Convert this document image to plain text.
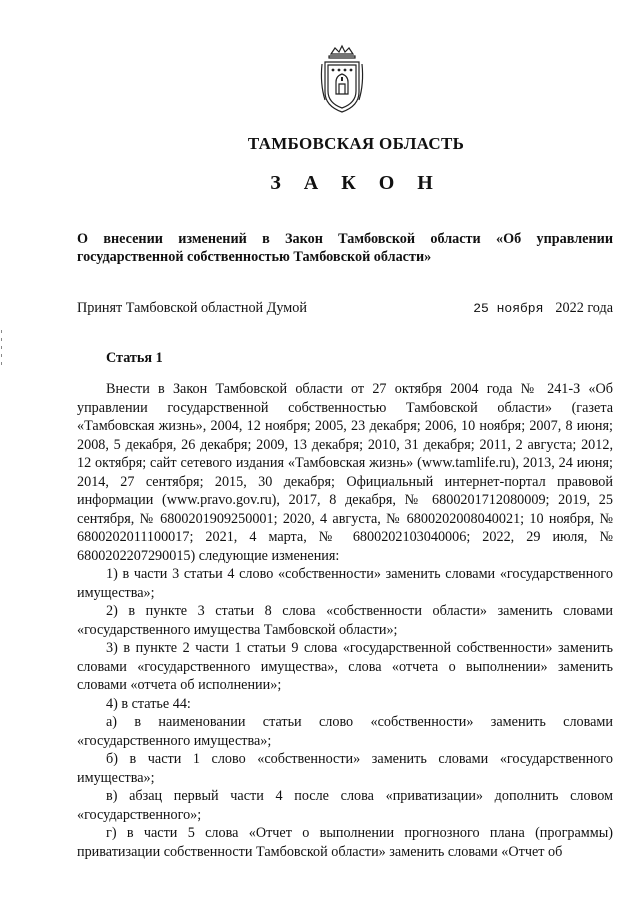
ТАМБОВСКАЯ ОБЛАСТЬ
З А К О Н
О внесении изменений в Закон Тамбовской области «Об управлении государственной собственностью Тамбовской области»
Принят Тамбовской областной Думой	25 ноября 2022 года
Статья 1

Внести в Закон Тамбовской области от 27 октября 2004 года № 241-З «Об управлении государственной собственностью Тамбовской области» (газета «Тамбовская жизнь», 2004, 12 ноября; 2005, 23 декабря; 2006, 10 ноября; 2007, 8 июня; 2008, 5 декабря, 26 декабря; 2009, 13 декабря; 2010, 31 декабря; 2011, 2 августа; 2012, 12 октября; сайт сетевого издания «Тамбовская жизнь» (www.tamlife.ru), 2013, 24 июня; 2014, 27 сентября; 2015, 30 декабря; Официальный интернет-портал правовой информации (www.pravo.gov.ru), 2017, 8 декабря, № 6800201712080009; 2019, 25 сентября, № 6800201909250001; 2020, 4 августа, № 6800202008040021; 10 ноября, № 6800202011100017; 2021, 4 марта, № 6800202103040006; 2022, 29 июля, № 6800202207290015) следующие изменения:

1) в части 3 статьи 4 слово «собственности» заменить словами «государственного имущества»;

2) в пункте 3 статьи 8 слова «собственности области» заменить словами «государственного имущества Тамбовской области»;

3) в пункте 2 части 1 статьи 9 слова «государственной собственности» заменить словами «государственного имущества», слова «отчета о выполнении» заменить словами «отчета об исполнении»;

4) в статье 44:

а) в наименовании статьи слово «собственности» заменить словами «государственного имущества»;

б) в части 1 слово «собственности» заменить словами «государственного имущества»;

в) абзац первый части 4 после слова «приватизации» дополнить словом «государственного»;

г) в части 5 слова «Отчет о выполнении прогнозного плана (программы) приватизации собственности Тамбовской области» заменить словами «Отчет об
